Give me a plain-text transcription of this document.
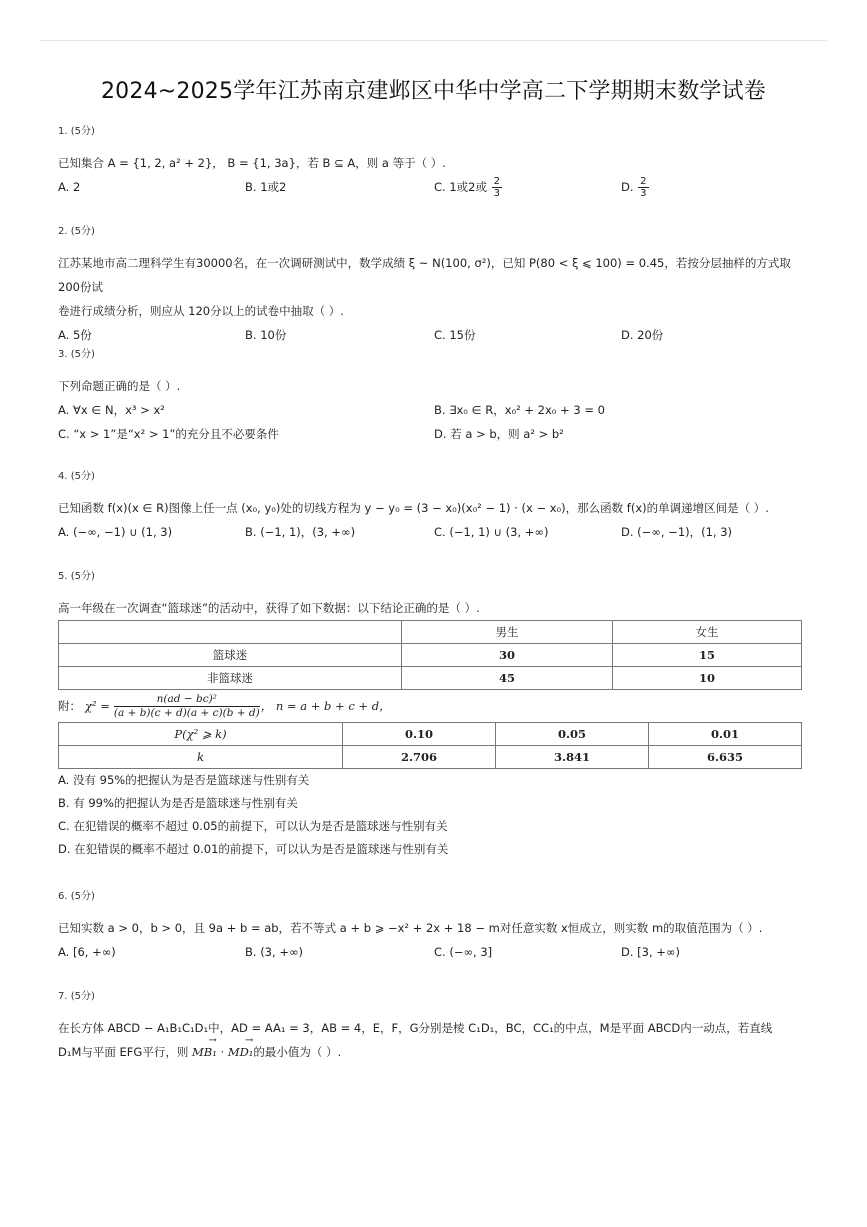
2024~2025学年江苏南京建邺区中华中学高二下学期期末数学试卷
1. (5分)
已知集合 A = {1, 2, a² + 2}， B = {1, 3a}，若 B ⊆ A，则 a 等于（ ）.
A. 2	B. 1或2	C. 1或2或 $\frac{2}{3}$	D. $\frac{2}{3}$
2. (5分)
江苏某地市高二理科学生有30000名，在一次调研测试中，数学成绩 ξ ~ N(100, σ²)，已知 P(80 < ξ ⩽ 100) = 0.45，若按分层抽样的方式取200份试
卷进行成绩分析，则应从 120分以上的试卷中抽取（ ）.
A. 5份	B. 10份	C. 15份	D. 20份
3. (5分)
下列命题正确的是（ ）.
A. ∀x ∈ N，x³ > x²	B. ∃x₀ ∈ R，x₀² + 2x₀ + 3 = 0
C. “x > 1”是“x² > 1”的充分且不必要条件	D. 若 a > b，则 a² > b²
4. (5分)
已知函数 f(x)(x ∈ R)图像上任一点 (x₀, y₀)处的切线方程为 y − y₀ = (3 − x₀)(x₀² − 1) · (x − x₀)，那么函数 f(x)的单调递增区间是（ ）.
A. (−∞, −1) ∪ (1, 3)	B. (−1, 1)，(3, +∞)	C. (−1, 1) ∪ (3, +∞)	D. (−∞, −1)，(1, 3)
5. (5分)
高一年级在一次调查“篮球迷”的活动中，获得了如下数据：以下结论正确的是（ ）.
	男生	女生
篮球迷	30	15
非篮球迷	45	10
附： $\chi^2 = \frac{\text{n(ad − bc)²}}{(a + b)(c + d)(a + c)(b + d)}$ ， n = a + b + c + d，
P(χ² ⩾ k)	0.10	0.05	0.01
k	2.706	3.841	6.635
A. 没有 95%的把握认为是否是篮球迷与性别有关
B. 有 99%的把握认为是否是篮球迷与性别有关
C. 在犯错误的概率不超过 0.05的前提下，可以认为是否是篮球迷与性别有关
D. 在犯错误的概率不超过 0.01的前提下，可以认为是否是篮球迷与性别有关
6. (5分)
已知实数 a > 0，b > 0，且 9a + b = ab，若不等式 a + b ⩾ −x² + 2x + 18 − m对任意实数 x恒成立，则实数 m的取值范围为（ ）.
A. [6, +∞)	B. (3, +∞)	C. (−∞, 3]	D. [3, +∞)
7. (5分)
在长方体 ABCD − A₁B₁C₁D₁中，AD = AA₁ = 3，AB = 4，E，F，G分别是棱 C₁D₁，BC，CC₁的中点，M是平面 ABCD内一动点，若直线
D₁M与平面 EFG平行，则 → MB₁ · → MD₁的最小值为（ ）.
